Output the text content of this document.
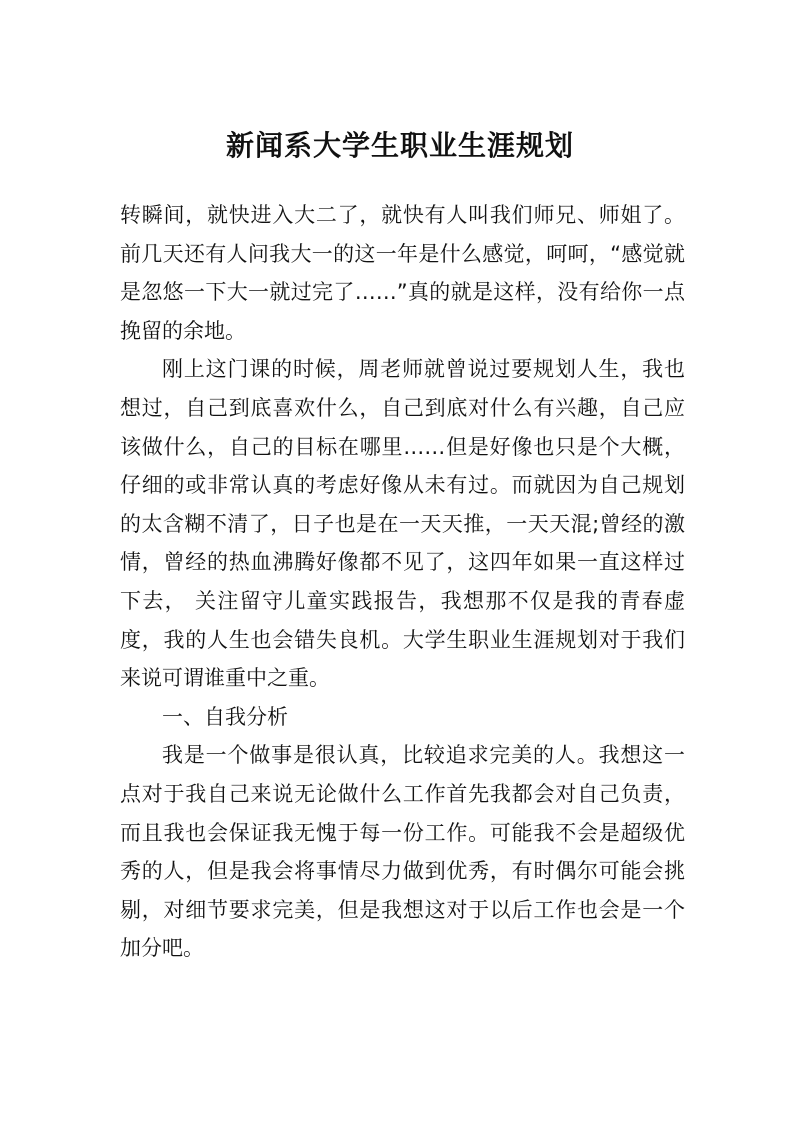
新闻系大学生职业生涯规划

转瞬间，就快进入大二了，就快有人叫我们师兄、师姐了。前几天还有人问我大一的这一年是什么感觉，呵呵，“感觉就是忽悠一下大一就过完了……”真的就是这样，没有给你一点挽留的余地。

刚上这门课的时候，周老师就曾说过要规划人生，我也想过，自己到底喜欢什么，自己到底对什么有兴趣，自己应该做什么，自己的目标在哪里……但是好像也只是个大概，仔细的或非常认真的考虑好像从未有过。而就因为自己规划的太含糊不清了，日子也是在一天天推，一天天混;曾经的激情，曾经的热血沸腾好像都不见了，这四年如果一直这样过下去， 关注留守儿童实践报告，我想那不仅是我的青春虚度，我的人生也会错失良机。大学生职业生涯规划对于我们来说可谓谁重中之重。

一、自我分析

我是一个做事是很认真，比较追求完美的人。我想这一点对于我自己来说无论做什么工作首先我都会对自己负责，而且我也会保证我无愧于每一份工作。可能我不会是超级优秀的人，但是我会将事情尽力做到优秀，有时偶尔可能会挑剔，对细节要求完美，但是我想这对于以后工作也会是一个加分吧。
